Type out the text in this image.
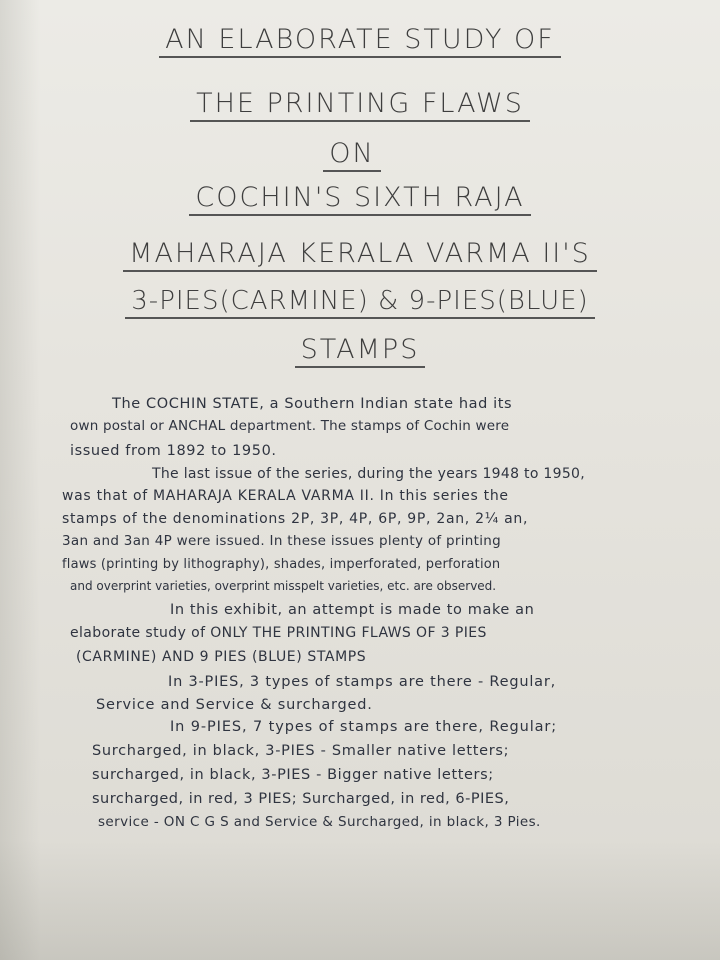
AN ELABORATE STUDY OF
THE PRINTING FLAWS
ON
COCHIN'S SIXTH RAJA
MAHARAJA KERALA VARMA II'S
3-PIES(CARMINE) & 9-PIES(BLUE)
STAMPS
The COCHIN STATE, a Southern Indian state had its
own postal or ANCHAL department. The stamps of Cochin were
issued from 1892 to 1950.
The last issue of the series, during the years 1948 to 1950,
was that of MAHARAJA KERALA VARMA II. In this series the
stamps of the denominations 2P, 3P, 4P, 6P, 9P, 2an, 2¼ an,
3an and 3an 4P were issued. In these issues plenty of printing
flaws (printing by lithography), shades, imperforated, perforation
and overprint varieties, overprint misspelt varieties, etc. are observed.
In this exhibit, an attempt is made to make an
elaborate study of ONLY THE PRINTING FLAWS OF 3 PIES
(CARMINE) AND 9 PIES (BLUE) STAMPS
In 3-PIES, 3 types of stamps are there - Regular,
Service and Service & surcharged.
In 9-PIES, 7 types of stamps are there, Regular;
Surcharged, in black, 3-PIES - Smaller native letters;
surcharged, in black, 3-PIES - Bigger native letters;
surcharged, in red, 3 PIES; Surcharged, in red, 6-PIES,
service - ON C G S and Service & Surcharged, in black, 3 Pies.
